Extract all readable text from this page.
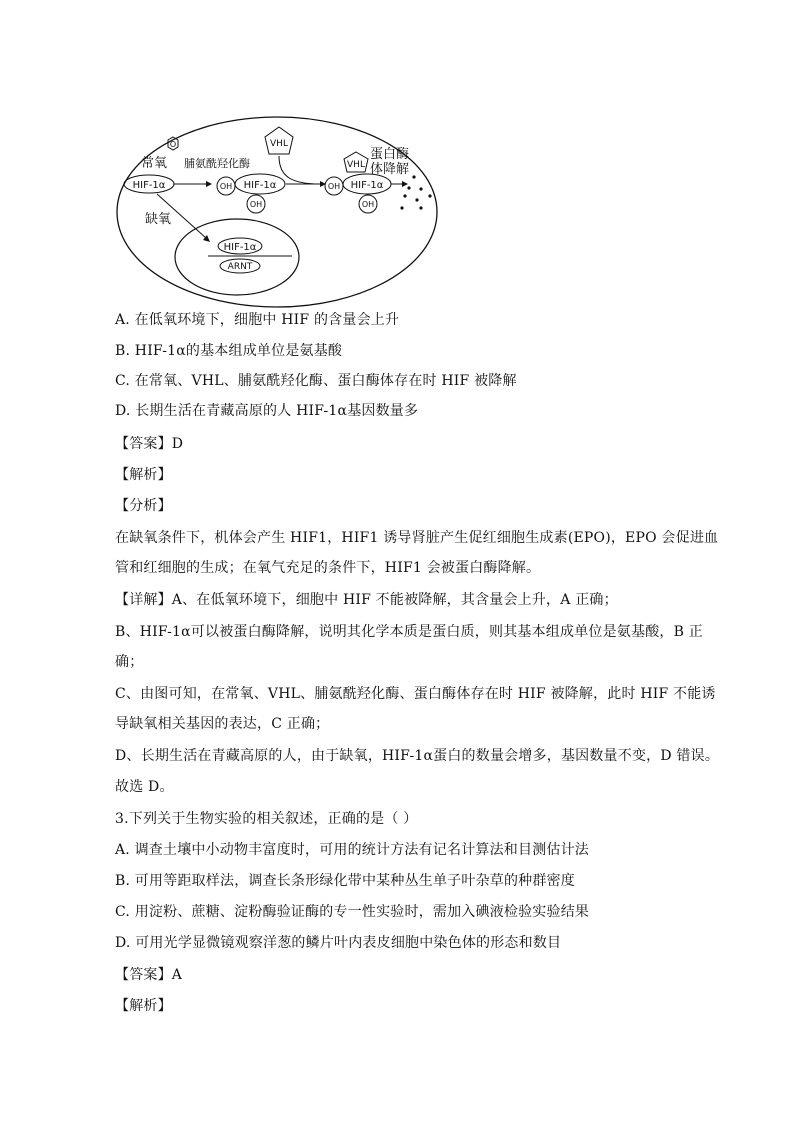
O
常氧 脯氨酰羟化酶
HIF-1α	OH HIF-1α
OH
VHL
OH HIF-1α
OH
VHL
蛋白酶
体降解
缺氧
HIF-1α
ARNT
A. 在低氧环境下，细胞中 HIF 的含量会上升
B. HIF-1α的基本组成单位是氨基酸
C. 在常氧、VHL、脯氨酰羟化酶、蛋白酶体存在时 HIF 被降解
D. 长期生活在青藏高原的人 HIF-1α基因数量多
【答案】D
【解析】
【分析】
在缺氧条件下，机体会产生 HIF1，HIF1 诱导肾脏产生促红细胞生成素(EPO)，EPO 会促进血
管和红细胞的生成；在氧气充足的条件下，HIF1 会被蛋白酶降解。
【详解】A、在低氧环境下，细胞中 HIF 不能被降解，其含量会上升，A 正确；
B、HIF-1α可以被蛋白酶降解，说明其化学本质是蛋白质，则其基本组成单位是氨基酸，B 正
确；
C、由图可知，在常氧、VHL、脯氨酰羟化酶、蛋白酶体存在时 HIF 被降解，此时 HIF 不能诱
导缺氧相关基因的表达，C 正确；
D、长期生活在青藏高原的人，由于缺氧，HIF-1α蛋白的数量会增多，基因数量不变，D 错误。
故选 D。
3.下列关于生物实验的相关叙述，正确的是（ ）
A. 调查土壤中小动物丰富度时，可用的统计方法有记名计算法和目测估计法
B. 可用等距取样法，调查长条形绿化带中某种丛生单子叶杂草的种群密度
C. 用淀粉、蔗糖、淀粉酶验证酶的专一性实验时，需加入碘液检验实验结果
D. 可用光学显微镜观察洋葱的鳞片叶内表皮细胞中染色体的形态和数目
【答案】A
【解析】
